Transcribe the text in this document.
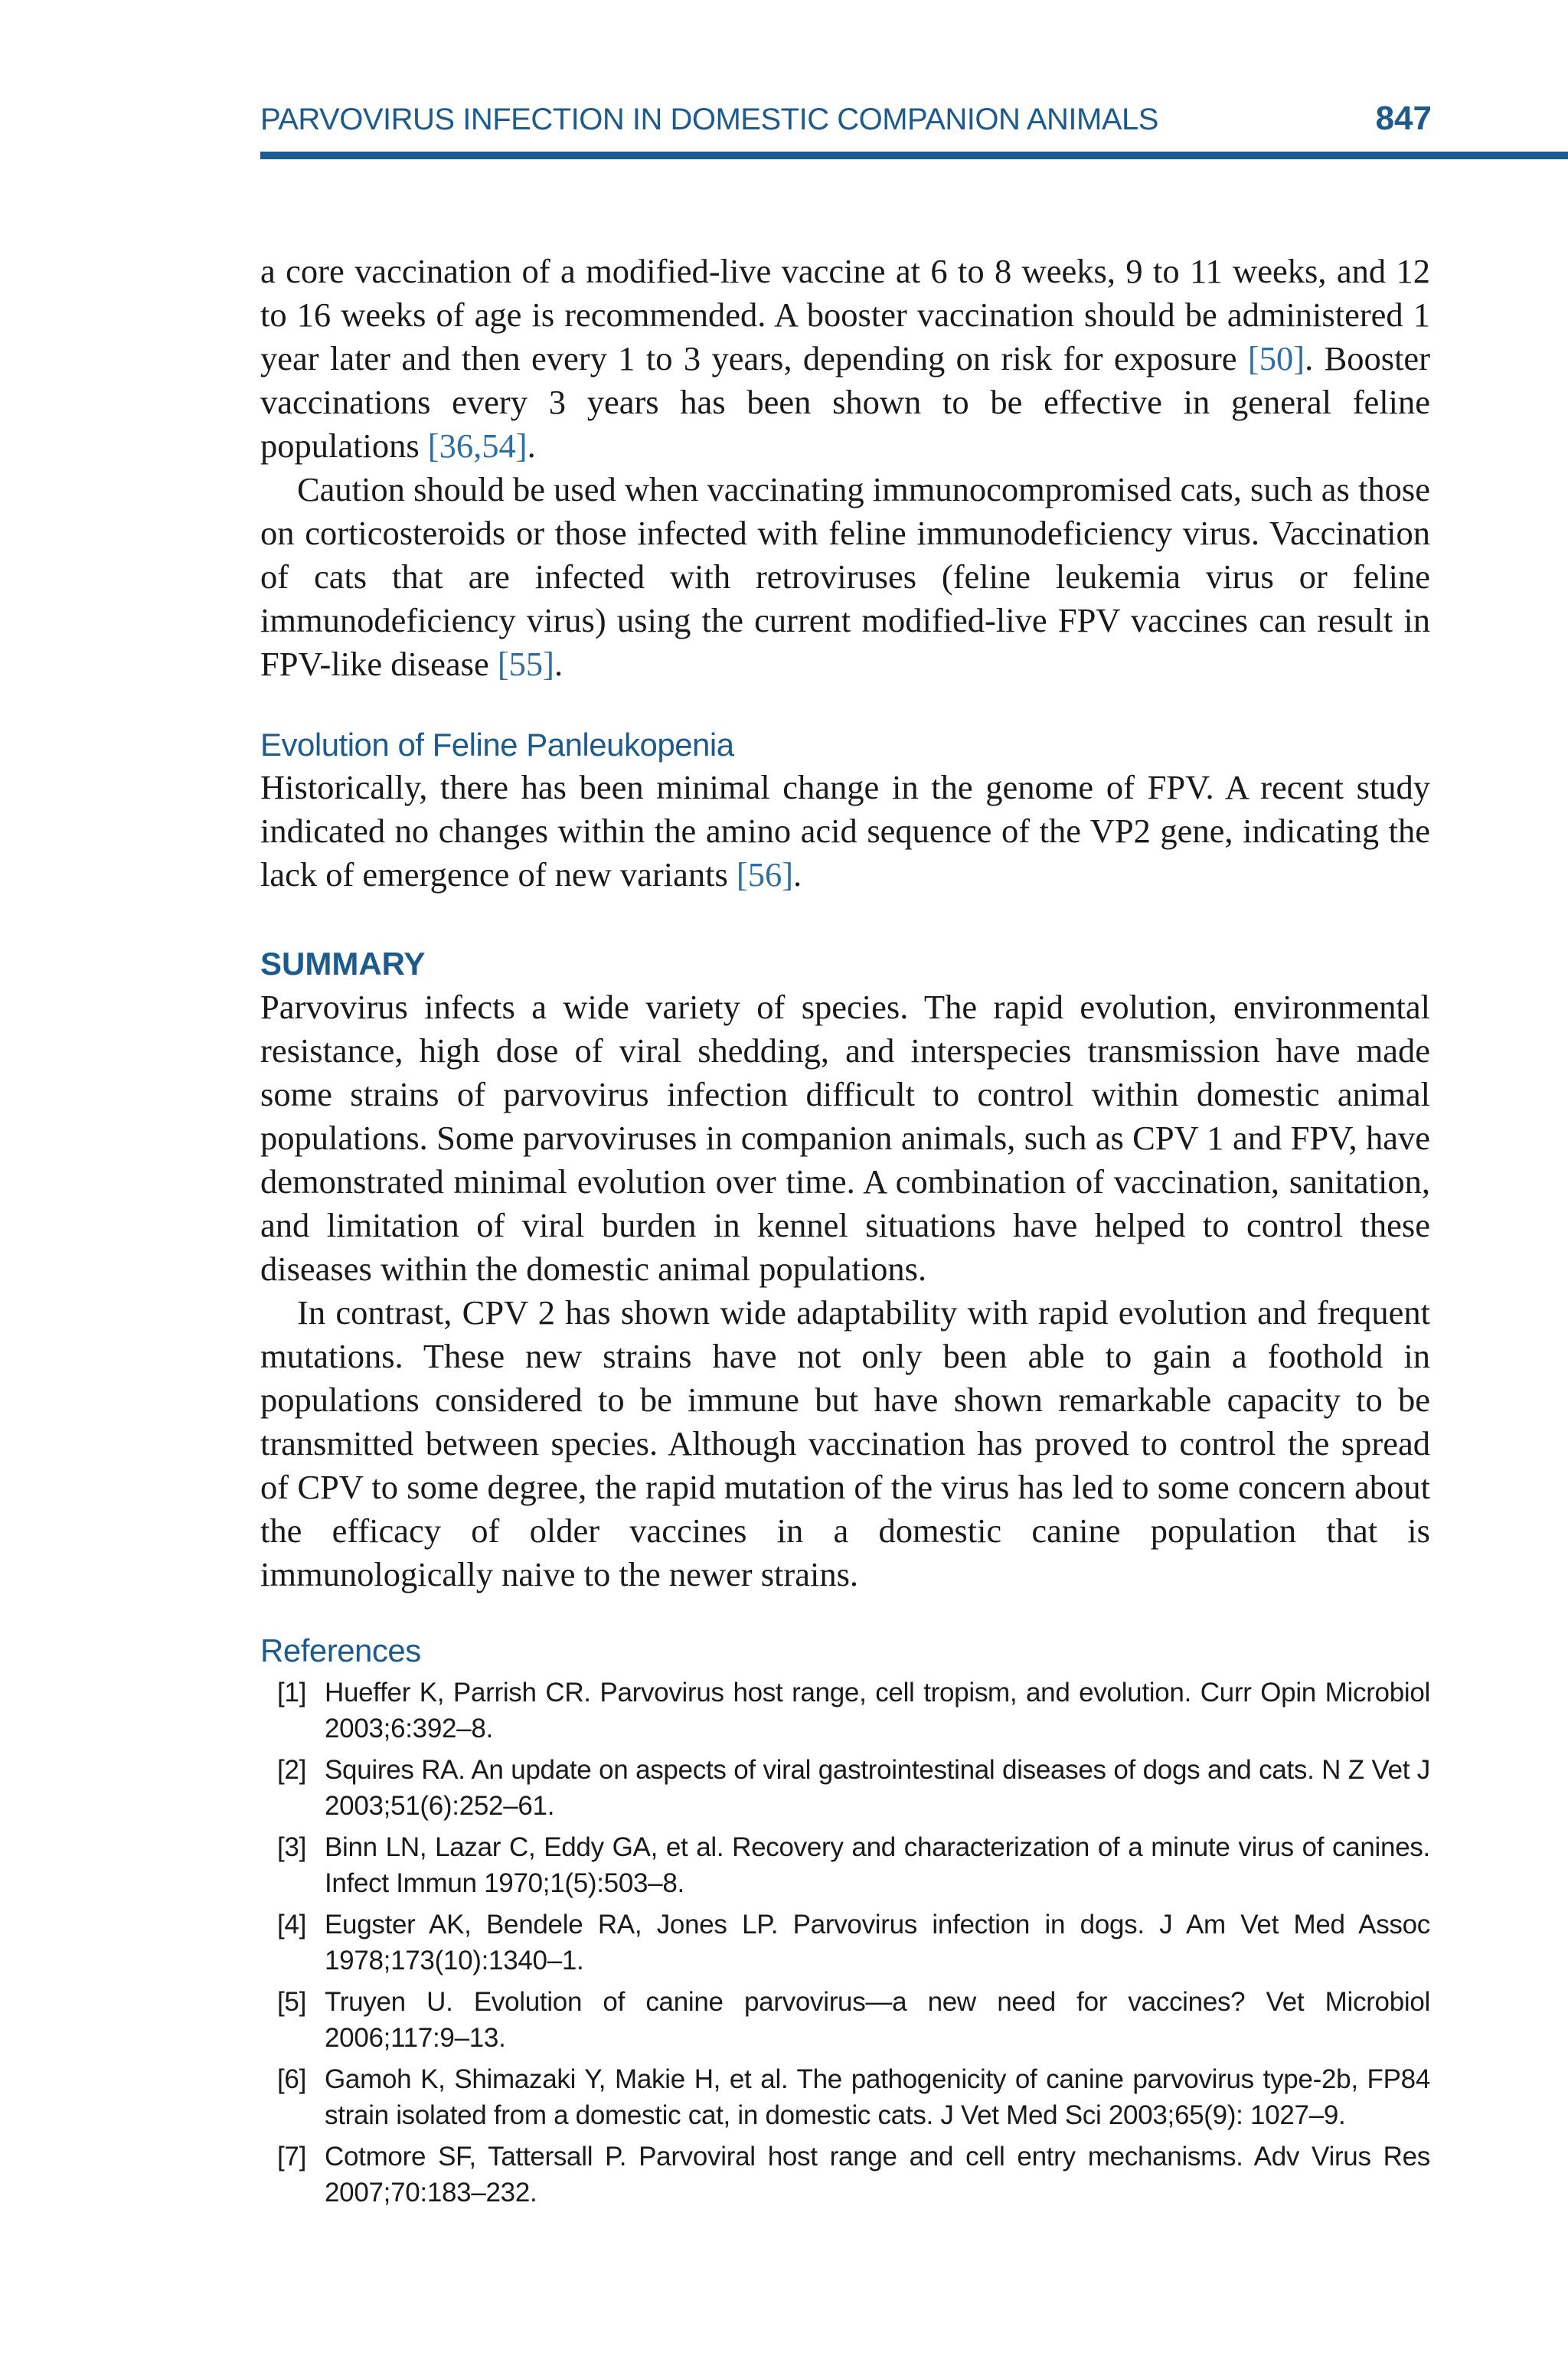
PARVOVIRUS INFECTION IN DOMESTIC COMPANION ANIMALS	847

a core vaccination of a modified-live vaccine at 6 to 8 weeks, 9 to 11 weeks, and 12 to 16 weeks of age is recommended. A booster vaccination should be administered 1 year later and then every 1 to 3 years, depending on risk for exposure [50]. Booster vaccinations every 3 years has been shown to be effective in general feline populations [36,54].

Caution should be used when vaccinating immunocompromised cats, such as those on corticosteroids or those infected with feline immunodeficiency virus. Vaccination of cats that are infected with retroviruses (feline leukemia virus or feline immunodeficiency virus) using the current modified-live FPV vaccines can result in FPV-like disease [55].

Evolution of Feline Panleukopenia

Historically, there has been minimal change in the genome of FPV. A recent study indicated no changes within the amino acid sequence of the VP2 gene, indicating the lack of emergence of new variants [56].

SUMMARY

Parvovirus infects a wide variety of species. The rapid evolution, environmental resistance, high dose of viral shedding, and interspecies transmission have made some strains of parvovirus infection difficult to control within domestic animal populations. Some parvoviruses in companion animals, such as CPV 1 and FPV, have demonstrated minimal evolution over time. A combination of vaccination, sanitation, and limitation of viral burden in kennel situations have helped to control these diseases within the domestic animal populations.

In contrast, CPV 2 has shown wide adaptability with rapid evolution and frequent mutations. These new strains have not only been able to gain a foothold in populations considered to be immune but have shown remarkable capacity to be transmitted between species. Although vaccination has proved to control the spread of CPV to some degree, the rapid mutation of the virus has led to some concern about the efficacy of older vaccines in a domestic canine population that is immunologically naive to the newer strains.

References
[1] Hueffer K, Parrish CR. Parvovirus host range, cell tropism, and evolution. Curr Opin Microbiol 2003;6:392–8.
[2] Squires RA. An update on aspects of viral gastrointestinal diseases of dogs and cats. N Z Vet J 2003;51(6):252–61.
[3] Binn LN, Lazar C, Eddy GA, et al. Recovery and characterization of a minute virus of canines. Infect Immun 1970;1(5):503–8.
[4] Eugster AK, Bendele RA, Jones LP. Parvovirus infection in dogs. J Am Vet Med Assoc 1978;173(10):1340–1.
[5] Truyen U. Evolution of canine parvovirus—a new need for vaccines? Vet Microbiol 2006;117:9–13.
[6] Gamoh K, Shimazaki Y, Makie H, et al. The pathogenicity of canine parvovirus type-2b, FP84 strain isolated from a domestic cat, in domestic cats. J Vet Med Sci 2003;65(9): 1027–9.
[7] Cotmore SF, Tattersall P. Parvoviral host range and cell entry mechanisms. Adv Virus Res 2007;70:183–232.
